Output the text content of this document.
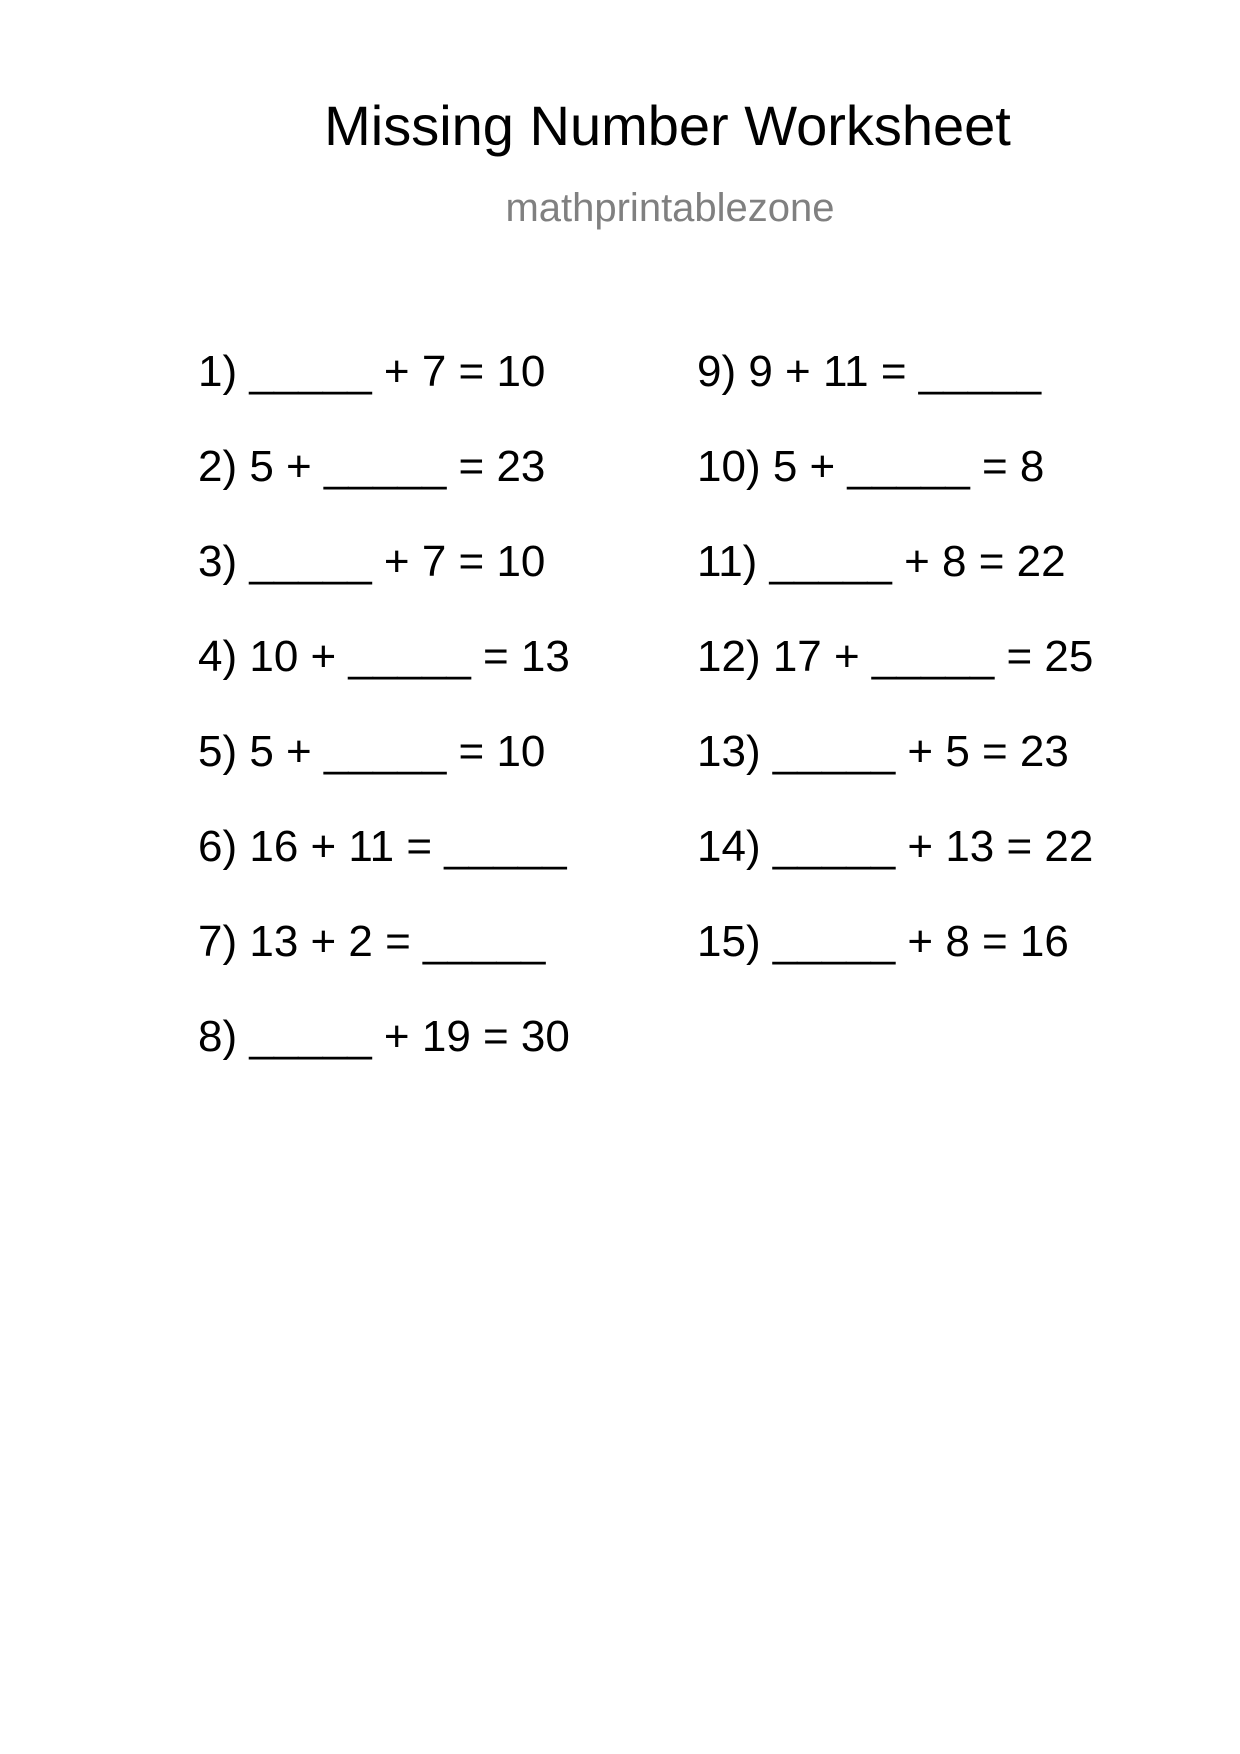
Missing Number Worksheet
mathprintablezone
1) _____ + 7 = 10
2) 5 + _____ = 23
3) _____ + 7 = 10
4) 10 + _____ = 13
5) 5 + _____ = 10
6) 16 + 11 = _____
7) 13 + 2 = _____
8) _____ + 19 = 30
9) 9 + 11 = _____
10) 5 + _____ = 8
11) _____ + 8 = 22
12) 17 + _____ = 25
13) _____ + 5 = 23
14) _____ + 13 = 22
15) _____ + 8 = 16
